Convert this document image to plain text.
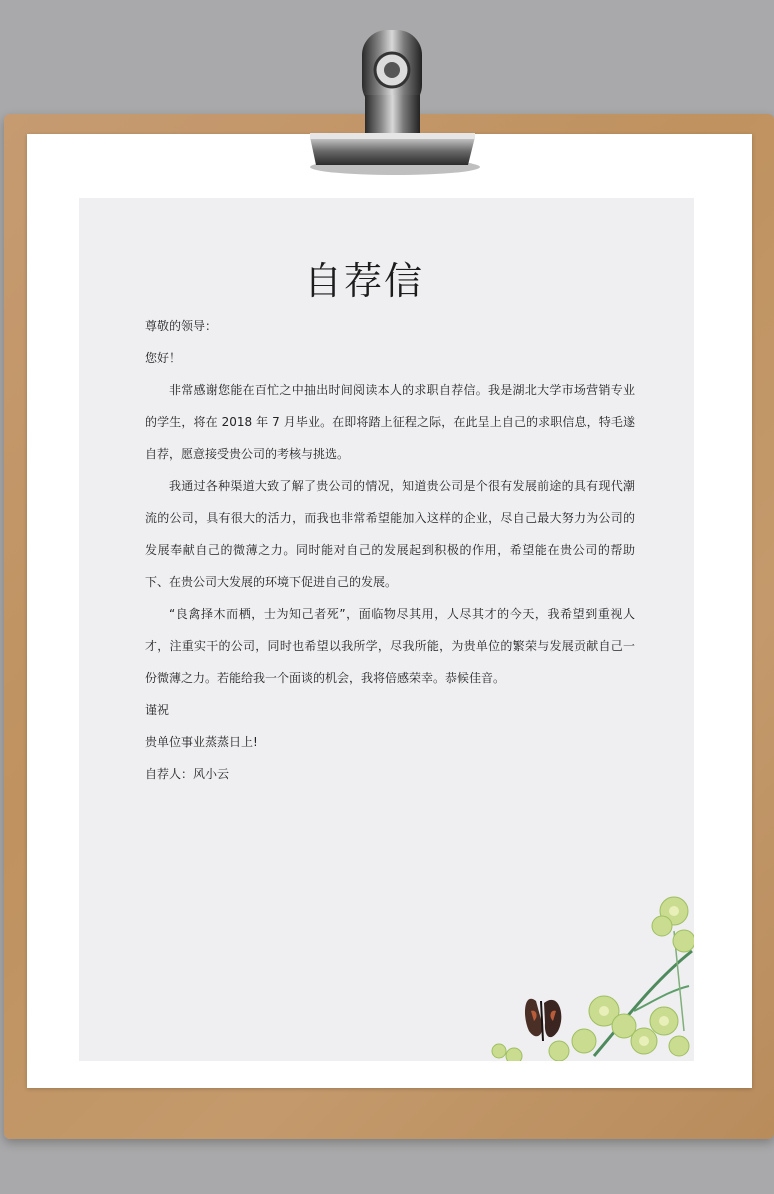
自荐信

尊敬的领导：

您好！

非常感谢您能在百忙之中抽出时间阅读本人的求职自荐信。我是湖北大学市场营销专业的学生，将在 2018 年 7 月毕业。在即将踏上征程之际，在此呈上自己的求职信息，特毛遂自荐，愿意接受贵公司的考核与挑选。

我通过各种渠道大致了解了贵公司的情况，知道贵公司是个很有发展前途的具有现代潮流的公司，具有很大的活力，而我也非常希望能加入这样的企业，尽自己最大努力为公司的发展奉献自己的微薄之力。同时能对自己的发展起到积极的作用，希望能在贵公司的帮助下、在贵公司大发展的环境下促进自己的发展。

“良禽择木而栖，士为知己者死”，面临物尽其用，人尽其才的今天，我希望到重视人才，注重实干的公司，同时也希望以我所学，尽我所能，为贵单位的繁荣与发展贡献自己一份微薄之力。若能给我一个面谈的机会，我将倍感荣幸。恭候佳音。

谨祝

贵单位事业蒸蒸日上!

自荐人：风小云
